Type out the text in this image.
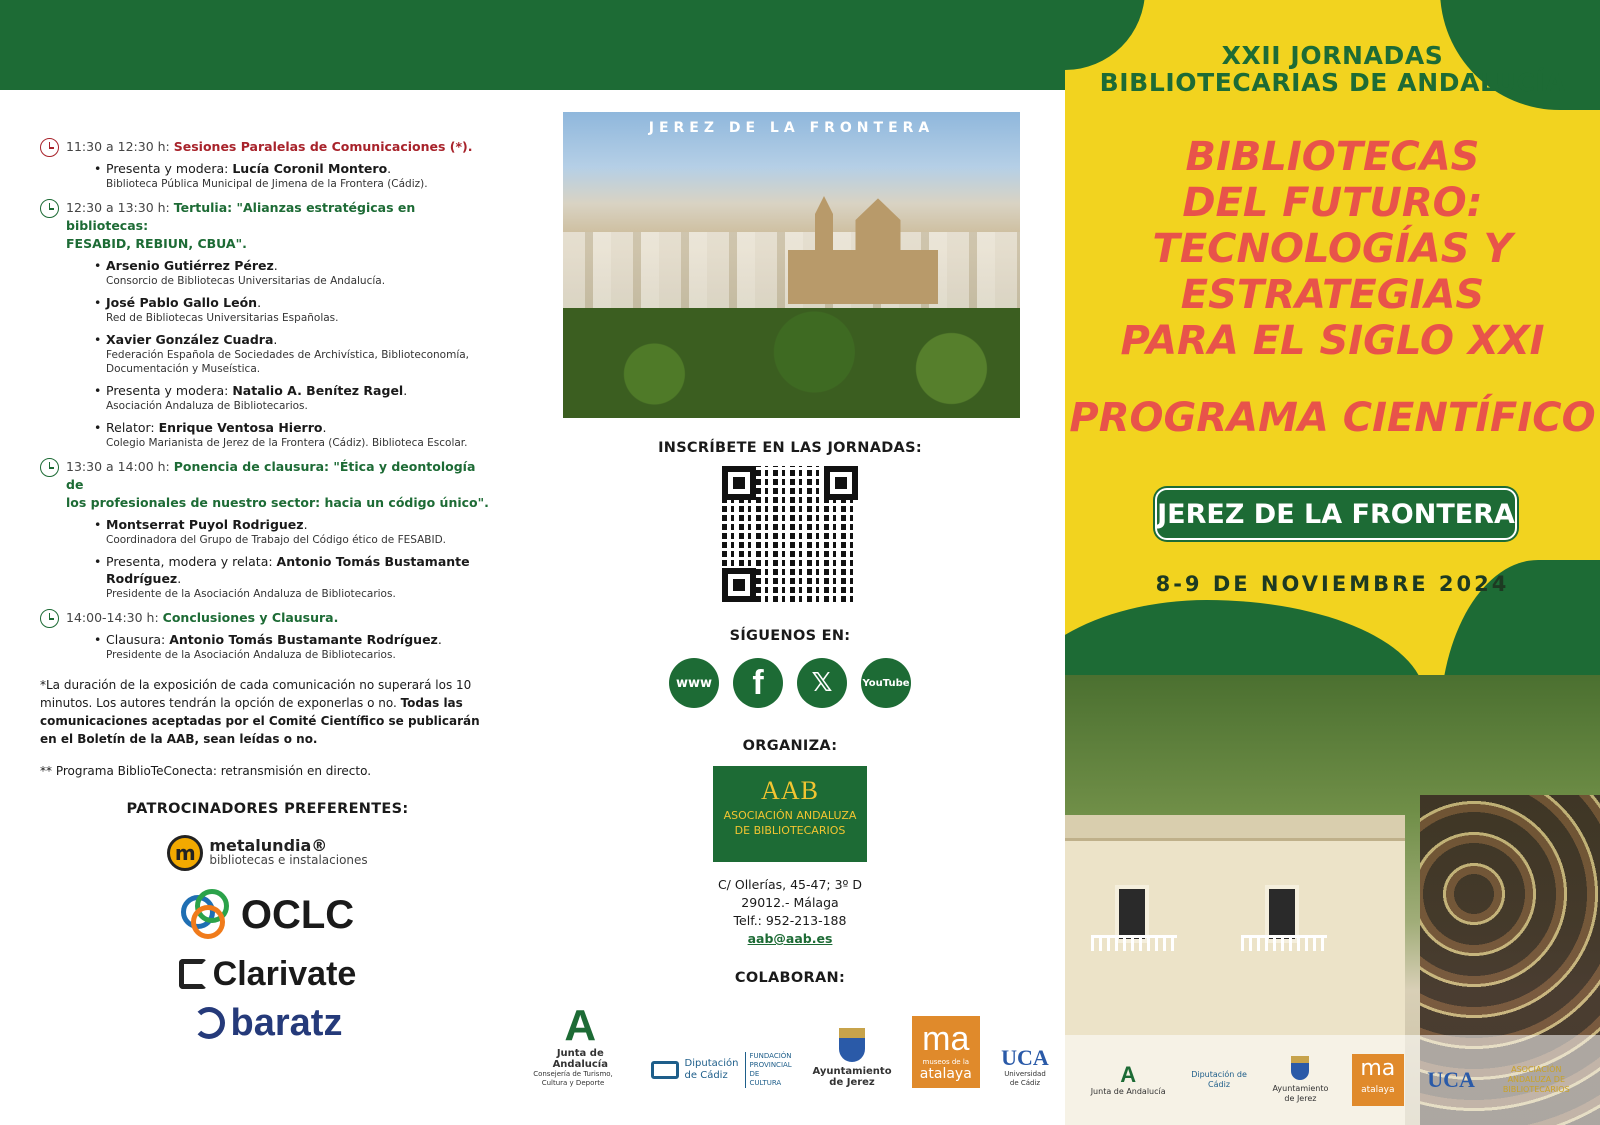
11:30 a 12:30 h: Sesiones Paralelas de Comunicaciones (*).
• Presenta y modera: Lucía Coronil Montero.
Biblioteca Pública Municipal de Jimena de la Frontera (Cádiz).
12:30 a 13:30 h: Tertulia: "Alianzas estratégicas en bibliotecas:
FESABID, REBIUN, CBUA".
• Arsenio Gutiérrez Pérez.
Consorcio de Bibliotecas Universitarias de Andalucía.
• José Pablo Gallo León.
Red de Bibliotecas Universitarias Españolas.
• Xavier González Cuadra.
Federación Española de Sociedades de Archivística, Biblioteconomía, Documentación y Museística.
• Presenta y modera: Natalio A. Benítez Ragel.
Asociación Andaluza de Bibliotecarios.
• Relator: Enrique Ventosa Hierro.
Colegio Marianista de Jerez de la Frontera (Cádiz). Biblioteca Escolar.
13:30 a 14:00 h: Ponencia de clausura: "Ética y deontología de
los profesionales de nuestro sector: hacia un código único".
• Montserrat Puyol Rodriguez.
Coordinadora del Grupo de Trabajo del Código ético de FESABID.
• Presenta, modera y relata: Antonio Tomás Bustamante Rodríguez.
Presidente de la Asociación Andaluza de Bibliotecarios.
14:00-14:30 h: Conclusiones y Clausura.
• Clausura: Antonio Tomás Bustamante Rodríguez.
Presidente de la Asociación Andaluza de Bibliotecarios.

*La duración de la exposición de cada comunicación no superará los 10 minutos. Los autores tendrán la opción de exponerlas o no. Todas las comunicaciones aceptadas por el Comité Científico se publicarán en el Boletín de la AAB, sean leídas o no.

** Programa BiblioTeConecta: retransmisión en directo.

PATROCINADORES PREFERENTES:
m metalundia®
bibliotecas e instalaciones
OCLC
Clarivate
baratz
JEREZ DE LA FRONTERA
INSCRÍBETE EN LAS JORNADAS:
SÍGUENOS EN:
www	f	𝕏	YouTube
ORGANIZA:
AAB
ASOCIACIÓN ANDALUZA
DE BIBLIOTECARIOS
C/ Ollerías, 45-47; 3º D
29012.- Málaga
Telf.: 952-213-188
aab@aab.es
COLABORAN:
A
Junta de Andalucía
Consejería de Turismo, Cultura y Deporte
Diputación
de Cádiz
FUNDACIÓN PROVINCIAL DE CULTURA
Ayuntamiento
de Jerez
ma
museos de la
atalaya
UCA
Universidad de Cádiz
XXII JORNADAS
BIBLIOTECARIAS DE ANDALUCÍA
BIBLIOTECAS
DEL FUTURO:
TECNOLOGÍAS Y
ESTRATEGIAS
PARA EL SIGLO XXI
PROGRAMA CIENTÍFICO
JEREZ DE LA FRONTERA
8-9 DE NOVIEMBRE 2024
A
Junta de Andalucía
Diputación de Cádiz	Ayuntamiento de Jerez
ma
atalaya	UCA	ASOCIACIÓN ANDALUZA DE BIBLIOTECARIOS
